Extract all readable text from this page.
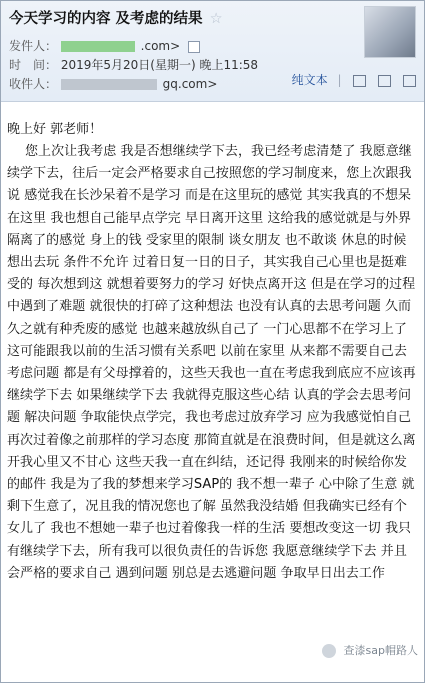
今天学习的内容 及考虑的结果 ☆
发件人：	.com>
时　间： 2019年5月20日(星期一) 晚上11:58
收件人：	gq.com>	纯文本 |
晚上好 郭老师！
您上次让我考虑 我是否想继续学下去，我已经考虑清楚了 我愿意继续学下去，往后一定会严格要求自己按照您的学习制度来，您上次跟我说 感觉我在长沙呆着不是学习 而是在这里玩的感觉 其实我真的不想呆在这里 我也想自己能早点学完 早日离开这里 这给我的感觉就是与外界隔离了的感觉 身上的钱 受家里的限制 谈女朋友 也不敢谈 休息的时候想出去玩 条件不允许 过着日复一日的日子，其实我自己心里也是挺难受的 每次想到这 就想着要努力的学习 好快点离开这 但是在学习的过程中遇到了难题 就很快的打碎了这种想法 也没有认真的去思考问题 久而久之就有种秃废的感觉 也越来越放纵自己了 一门心思都不在学习上了 这可能跟我以前的生活习惯有关系吧 以前在家里 从来都不需要自己去考虑问题 都是有父母撑着的，这些天我也一直在考虑我到底应不应该再继续学下去 如果继续学下去 我就得克服这些心结 认真的学会去思考问题 解决问题 争取能快点学完，我也考虑过放弃学习 应为我感觉怕自己再次过着像之前那样的学习态度 那简直就是在浪费时间，但是就这么离开我心里又不甘心 这些天我一直在纠结，还记得 我刚来的时候给你发的邮件 我是为了我的梦想来学习SAP的 我不想一辈子 心中除了生意 就剩下生意了，况且我的情况您也了解 虽然我没结婚 但我确实已经有个女儿了 我也不想她一辈子也过着像我一样的生活 要想改变这一切 我只有继续学下去，所有我可以很负责任的告诉您 我愿意继续学下去 并且会严格的要求自己 遇到问题 别总是去逃避问题 争取早日出去工作
查漆sap帽路人
